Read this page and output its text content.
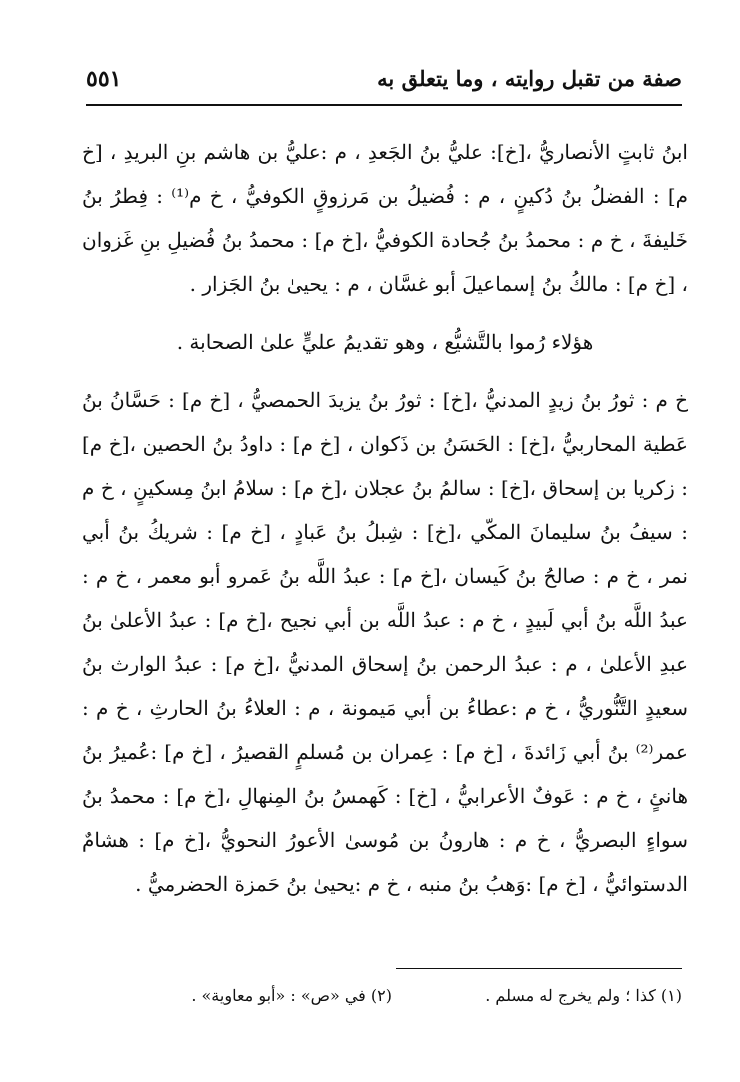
صفة من تقبل روايته ، وما يتعلق به
٥٥١

ابنُ ثابتٍ الأنصاريُّ ،[خ]: عليُّ بنُ الجَعدِ ، م :عليُّ بن هاشم بنِ البريدِ ، [خ م] : الفضلُ بنُ دُكينٍ ، م : فُضيلُ بن مَرزوقٍ الكوفيُّ ، خ م⁽¹⁾ : فِطرُ بنُ خَليفةَ ، خ م : محمدُ بنُ جُحادة الكوفيُّ ،[خ م] : محمدُ بنُ فُضيلِ بنِ غَزوان ، [خ م] : مالكُ بنُ إسماعيلَ أبو غسَّان ، م : يحيىٰ بنُ الجَزار .

هؤلاء رُموا بالتَّشيُّع ، وهو تقديمُ عليٍّ علىٰ الصحابة .

خ م : ثورُ بنُ زيدٍ المدنيُّ ،[خ] : ثورُ بنُ يزيدَ الحمصيُّ ، [خ م] : حَسَّانُ بنُ عَطية المحاربيُّ ،[خ] : الحَسَنُ بن ذَكوان ، [خ م] : داودُ بنُ الحصين ،[خ م] : زكريا بن إسحاق ،[خ] : سالمُ بنُ عجلان ،[خ م] : سلامُ ابنُ مِسكينٍ ، خ م : سيفُ بنُ سليمانَ المكّي ،[خ] : شِبلُ بنُ عَبادٍ ، [خ م] : شريكُ بنُ أبي نمر ، خ م : صالحُ بنُ كَيسان ،[خ م] : عبدُ اللَّه بنُ عَمرو أبو معمر ، خ م : عبدُ اللَّه بنُ أبي لَبيدٍ ، خ م : عبدُ اللَّه بن أبي نجيح ،[خ م] : عبدُ الأعلىٰ بنُ عبدِ الأعلىٰ ، م : عبدُ الرحمن بنُ إسحاق المدنيُّ ،[خ م] : عبدُ الوارث بنُ سعيدٍ التَّنُّوريُّ ، خ م :عطاءُ بن أبي مَيمونة ، م : العلاءُ بنُ الحارثِ ، خ م : عمر⁽²⁾ بنُ أبي زَائدةَ ، [خ م] : عِمران بن مُسلمٍ القصيرُ ، [خ م] :عُميرُ بنُ هانئٍ ، خ م : عَوفٌ الأعرابيُّ ، [خ] : كَهمسُ بنُ المِنهالِ ،[خ م] : محمدُ بنُ سواءٍ البصريُّ ، خ م : هارونُ بن مُوسىٰ الأعورُ النحويُّ ،[خ م] : هشامٌ الدستوائيُّ ، [خ م] :وَهبُ بنُ منبه ، خ م :يحيىٰ بنُ حَمزة الحضرميُّ .

(١) كذا ؛ ولم يخرج له مسلم .
(٢) في «ص» : «أبو معاوية» .
